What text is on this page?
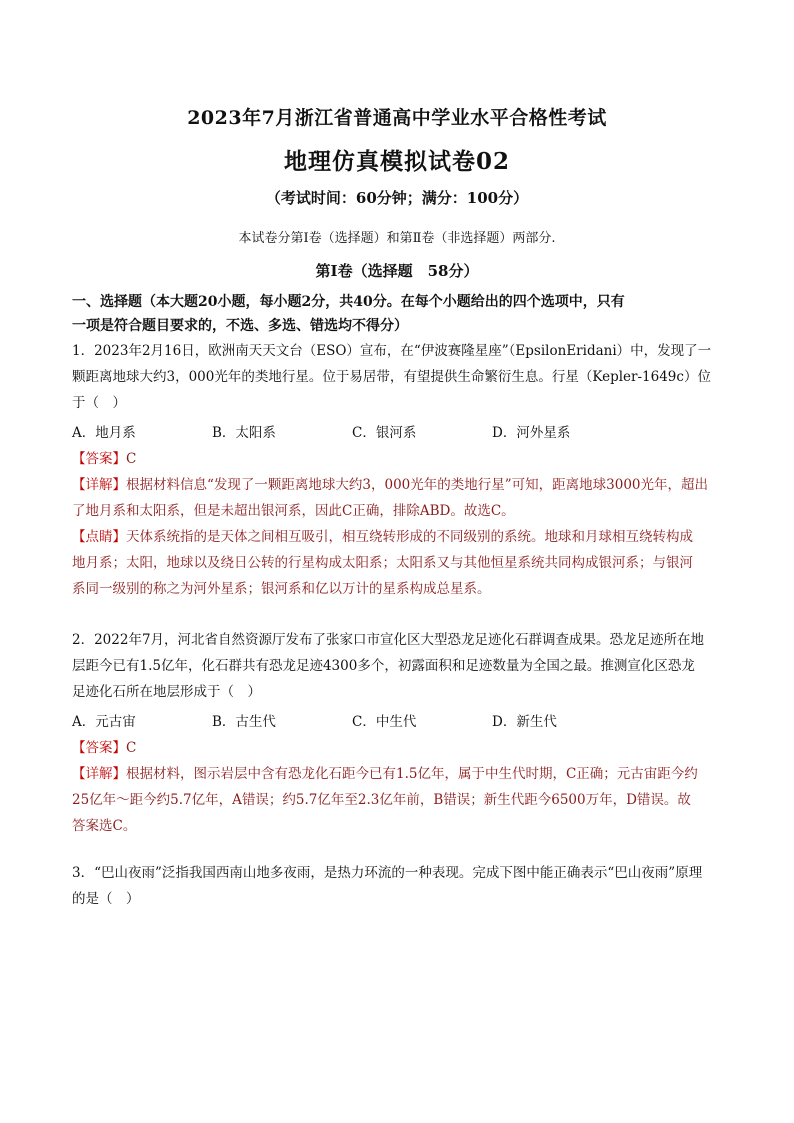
2023年7月浙江省普通高中学业水平合格性考试
地理仿真模拟试卷02
（考试时间：60分钟；满分：100分）
本试卷分第Ⅰ卷（选择题）和第Ⅱ卷（非选择题）两部分.
第Ⅰ卷（选择题　58分）
一、选择题（本大题20小题，每小题2分，共40分。在每个小题给出的四个选项中，只有
一项是符合题目要求的，不选、多选、错选均不得分）
1．2023年2月16日，欧洲南天天文台（ESO）宣布，在“伊波赛隆星座”（EpsilonEridani）中，发现了一
颗距离地球大约3，000光年的类地行星。位于易居带，有望提供生命繁衍生息。行星（Kepler-1649c）位
于（　）
A．地月系	B．太阳系	C．银河系	D．河外星系
【答案】C
【详解】根据材料信息“发现了一颗距离地球大约3，000光年的类地行星”可知，距离地球3000光年，超出
了地月系和太阳系，但是未超出银河系，因此C正确，排除ABD。故选C。
【点睛】天体系统指的是天体之间相互吸引，相互绕转形成的不同级别的系统。地球和月球相互绕转构成
地月系；太阳，地球以及绕日公转的行星构成太阳系；太阳系又与其他恒星系统共同构成银河系；与银河
系同一级别的称之为河外星系；银河系和亿以万计的星系构成总星系。
2．2022年7月，河北省自然资源厅发布了张家口市宣化区大型恐龙足迹化石群调查成果。恐龙足迹所在地
层距今已有1.5亿年，化石群共有恐龙足迹4300多个，初露面积和足迹数量为全国之最。推测宣化区恐龙
足迹化石所在地层形成于（　）
A．元古宙	B．古生代	C．中生代	D．新生代
【答案】C
【详解】根据材料，图示岩层中含有恐龙化石距今已有1.5亿年，属于中生代时期，C正确；元古宙距今约
25亿年～距今约5.7亿年，A错误；约5.7亿年至2.3亿年前，B错误；新生代距今6500万年，D错误。故
答案选C。
3．“巴山夜雨”泛指我国西南山地多夜雨，是热力环流的一种表现。完成下图中能正确表示“巴山夜雨”原理
的是（　）
